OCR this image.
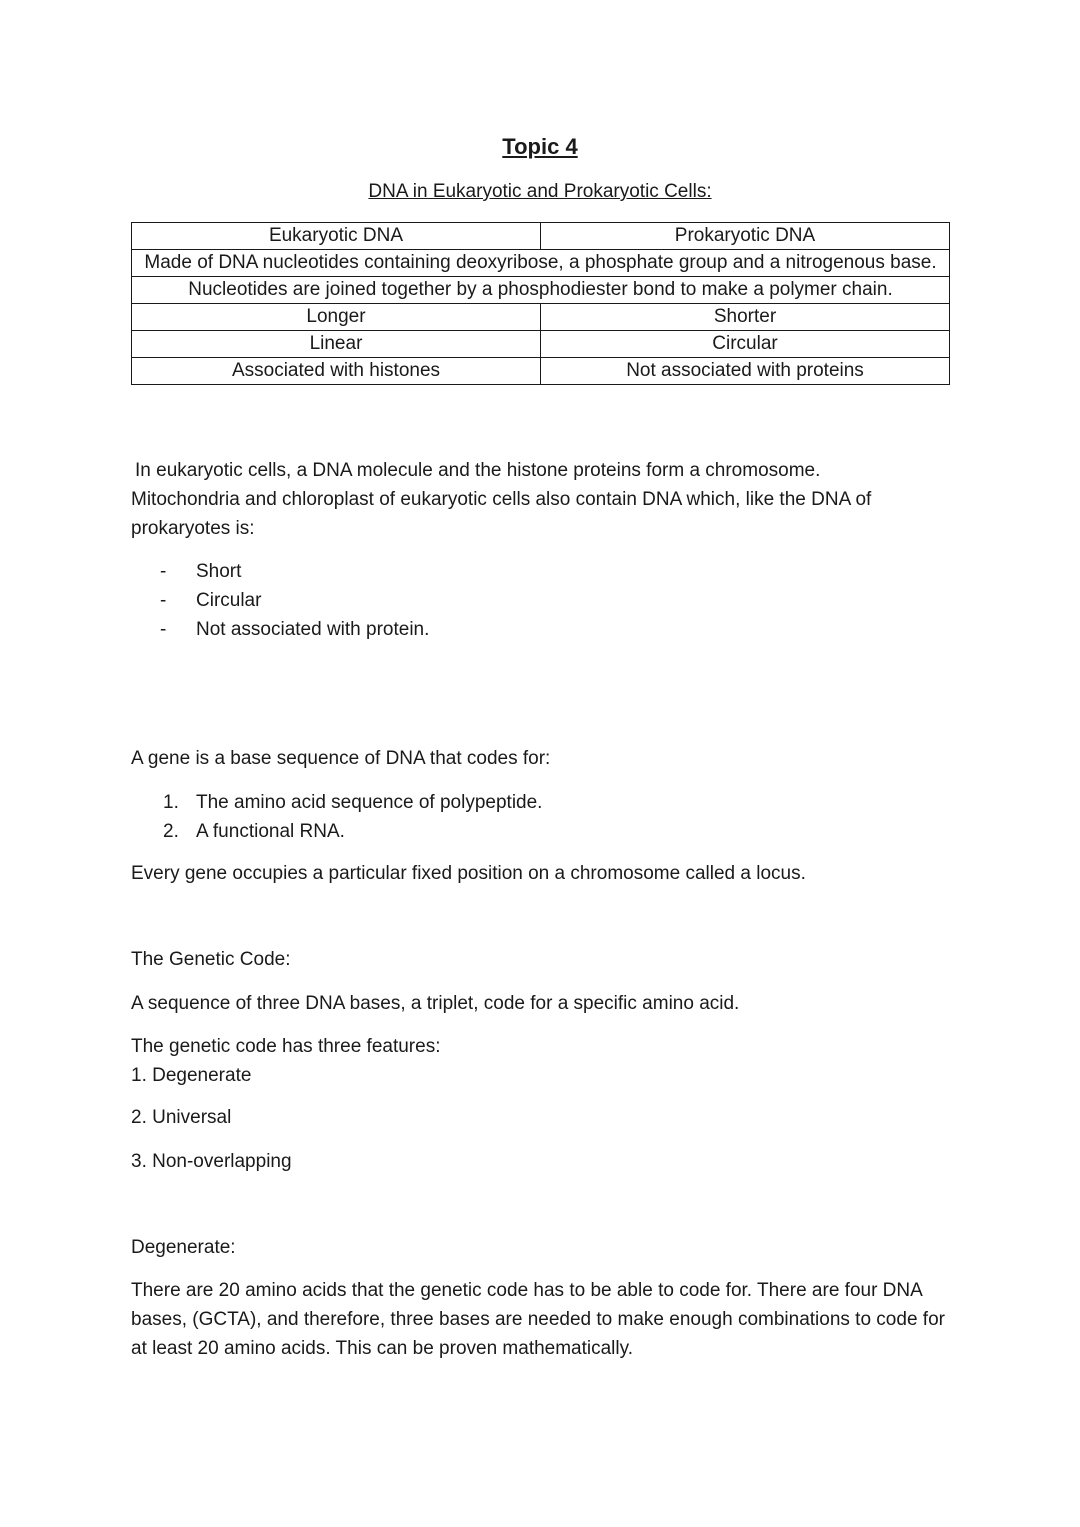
Topic 4
DNA in Eukaryotic and Prokaryotic Cells:
Eukaryotic DNA	Prokaryotic DNA
Made of DNA nucleotides containing deoxyribose, a phosphate group and a nitrogenous base.	
Nucleotides are joined together by a phosphodiester bond to make a polymer chain.	
Longer	Shorter
Linear	Circular
Associated with histones	Not associated with proteins
In eukaryotic cells, a DNA molecule and the histone proteins form a chromosome.
Mitochondria and chloroplast of eukaryotic cells also contain DNA which, like the DNA of prokaryotes is:
-	Short
-	Circular
-	Not associated with protein.
A gene is a base sequence of DNA that codes for:
1. The amino acid sequence of polypeptide.
2. A functional RNA.
Every gene occupies a particular fixed position on a chromosome called a locus.
The Genetic Code:
A sequence of three DNA bases, a triplet, code for a specific amino acid.
The genetic code has three features:
1. Degenerate
2. Universal
3. Non-overlapping
Degenerate:
There are 20 amino acids that the genetic code has to be able to code for. There are four DNA bases, (GCTA), and therefore, three bases are needed to make enough combinations to code for at least 20 amino acids. This can be proven mathematically.
